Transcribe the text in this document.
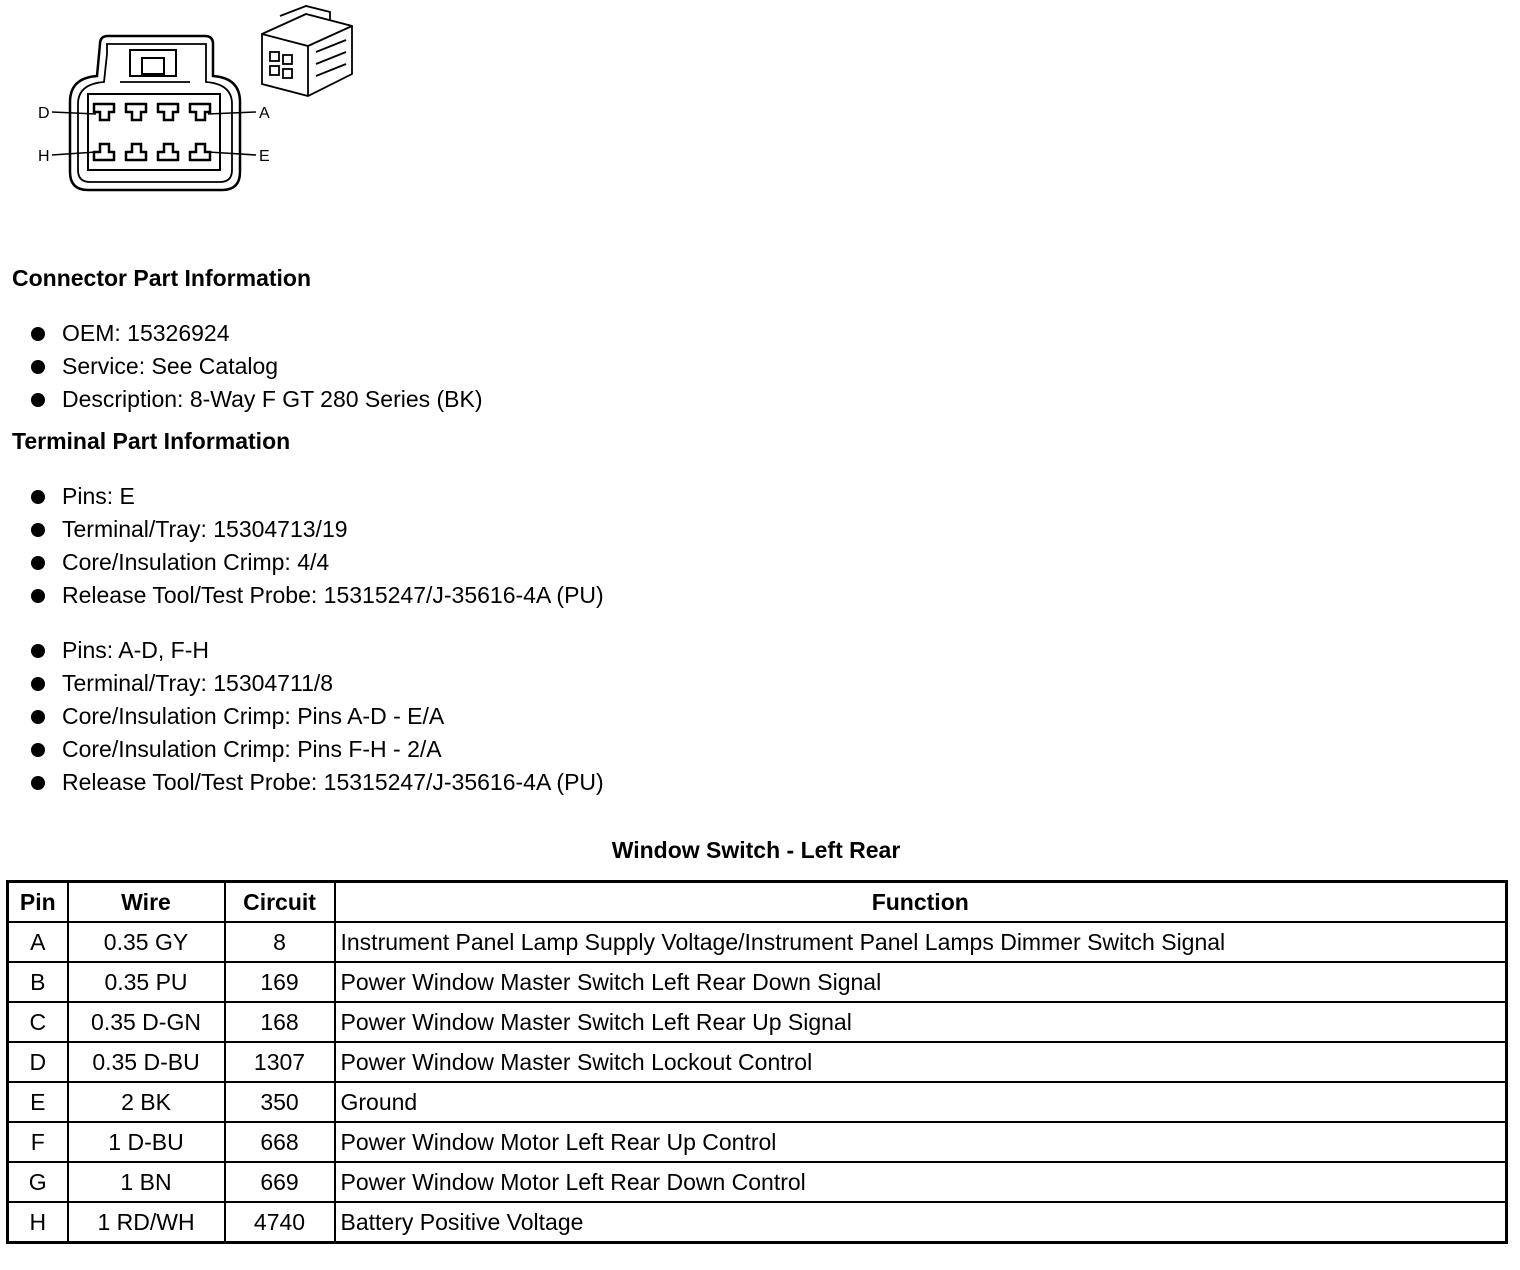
D	A
H	E
Connector Part Information
OEM: 15326924
Service: See Catalog
Description: 8-Way F GT 280 Series (BK)
Terminal Part Information
Pins: E
Terminal/Tray: 15304713/19
Core/Insulation Crimp: 4/4
Release Tool/Test Probe: 15315247/J-35616-4A (PU)
Pins: A-D, F-H
Terminal/Tray: 15304711/8
Core/Insulation Crimp: Pins A-D - E/A
Core/Insulation Crimp: Pins F-H - 2/A
Release Tool/Test Probe: 15315247/J-35616-4A (PU)
Window Switch - Left Rear
Pin	Wire	Circuit	Function
A	0.35 GY	8	Instrument Panel Lamp Supply Voltage/Instrument Panel Lamps Dimmer Switch Signal
B	0.35 PU	169	Power Window Master Switch Left Rear Down Signal
C	0.35 D-GN	168	Power Window Master Switch Left Rear Up Signal
D	0.35 D-BU	1307	Power Window Master Switch Lockout Control
E	2 BK	350	Ground
F	1 D-BU	668	Power Window Motor Left Rear Up Control
G	1 BN	669	Power Window Motor Left Rear Down Control
H	1 RD/WH	4740	Battery Positive Voltage
